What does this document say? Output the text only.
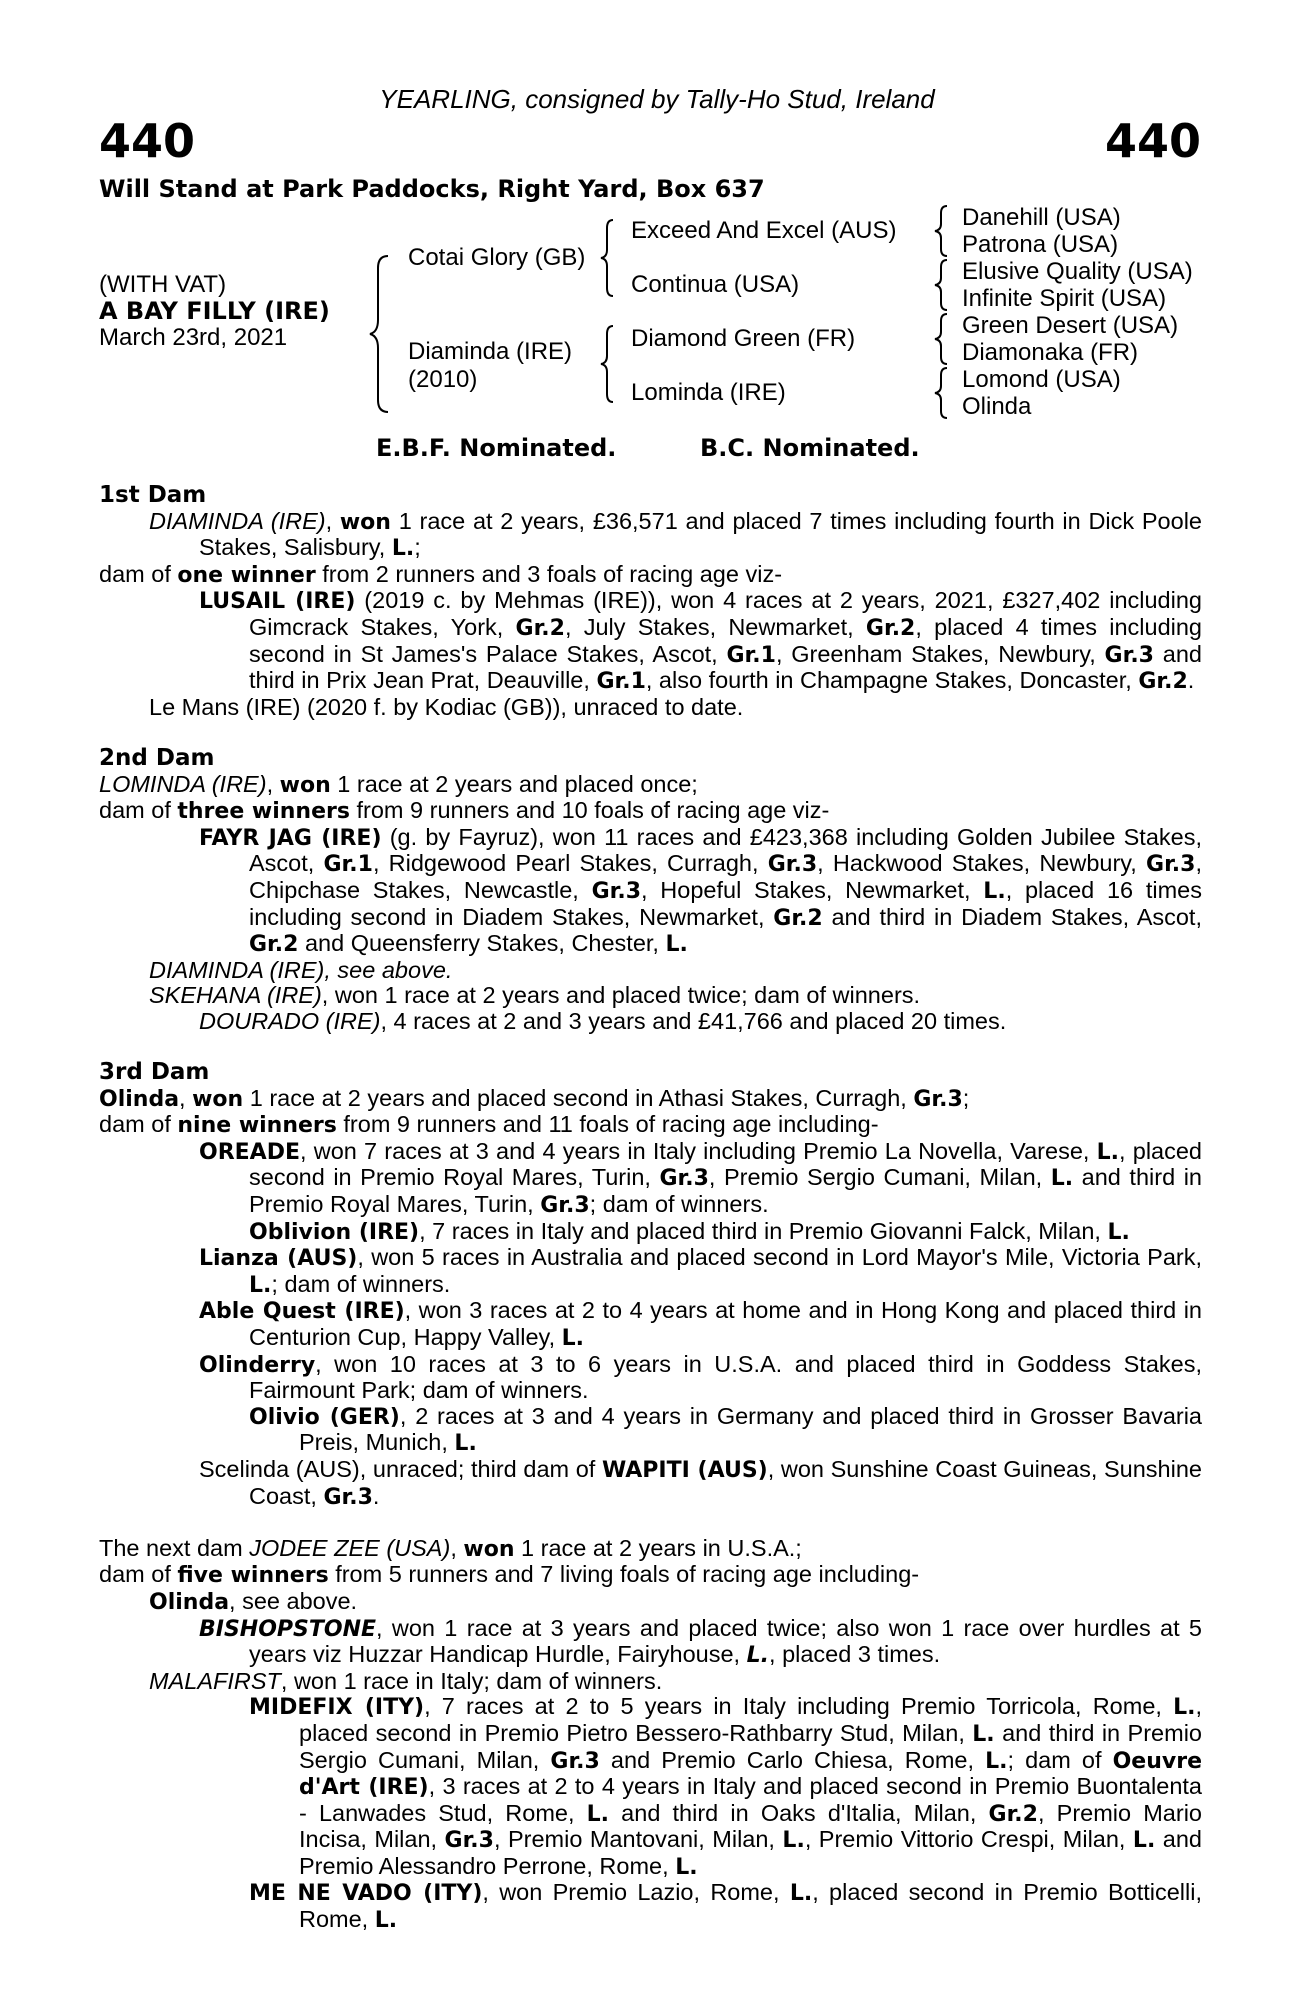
YEARLING, consigned by Tally-Ho Stud, Ireland
440	440
Will Stand at Park Paddocks, Right Yard, Box 637
(WITH VAT)
A BAY FILLY (IRE)
March 23rd, 2021
Cotai Glory (GB)
Diaminda (IRE)
(2010)
Exceed And Excel (AUS)
Continua (USA)
Diamond Green (FR)
Lominda (IRE)
Danehill (USA)
Patrona (USA)
Elusive Quality (USA)
Infinite Spirit (USA)
Green Desert (USA)
Diamonaka (FR)
Lomond (USA)
Olinda
E.B.F. Nominated.	B.C. Nominated.

1st Dam

DIAMINDA (IRE), won 1 race at 2 years, £36,571 and placed 7 times including fourth in Dick Poole Stakes, Salisbury, L.;

dam of one winner from 2 runners and 3 foals of racing age viz-

LUSAIL (IRE) (2019 c. by Mehmas (IRE)), won 4 races at 2 years, 2021, £327,402 including Gimcrack Stakes, York, Gr.2, July Stakes, Newmarket, Gr.2, placed 4 times including second in St James's Palace Stakes, Ascot, Gr.1, Greenham Stakes, Newbury, Gr.3 and third in Prix Jean Prat, Deauville, Gr.1, also fourth in Champagne Stakes, Doncaster, Gr.2.

Le Mans (IRE) (2020 f. by Kodiac (GB)), unraced to date.

2nd Dam

LOMINDA (IRE), won 1 race at 2 years and placed once;

dam of three winners from 9 runners and 10 foals of racing age viz-

FAYR JAG (IRE) (g. by Fayruz), won 11 races and £423,368 including Golden Jubilee Stakes, Ascot, Gr.1, Ridgewood Pearl Stakes, Curragh, Gr.3, Hackwood Stakes, Newbury, Gr.3, Chipchase Stakes, Newcastle, Gr.3, Hopeful Stakes, Newmarket, L., placed 16 times including second in Diadem Stakes, Newmarket, Gr.2 and third in Diadem Stakes, Ascot, Gr.2 and Queensferry Stakes, Chester, L.

DIAMINDA (IRE), see above.

SKEHANA (IRE), won 1 race at 2 years and placed twice; dam of winners.

DOURADO (IRE), 4 races at 2 and 3 years and £41,766 and placed 20 times.

3rd Dam

Olinda, won 1 race at 2 years and placed second in Athasi Stakes, Curragh, Gr.3;

dam of nine winners from 9 runners and 11 foals of racing age including-

OREADE, won 7 races at 3 and 4 years in Italy including Premio La Novella, Varese, L., placed second in Premio Royal Mares, Turin, Gr.3, Premio Sergio Cumani, Milan, L. and third in Premio Royal Mares, Turin, Gr.3; dam of winners.

Oblivion (IRE), 7 races in Italy and placed third in Premio Giovanni Falck, Milan, L.

Lianza (AUS), won 5 races in Australia and placed second in Lord Mayor's Mile, Victoria Park, L.; dam of winners.

Able Quest (IRE), won 3 races at 2 to 4 years at home and in Hong Kong and placed third in Centurion Cup, Happy Valley, L.

Olinderry, won 10 races at 3 to 6 years in U.S.A. and placed third in Goddess Stakes, Fairmount Park; dam of winners.

Olivio (GER), 2 races at 3 and 4 years in Germany and placed third in Grosser Bavaria Preis, Munich, L.

Scelinda (AUS), unraced; third dam of WAPITI (AUS), won Sunshine Coast Guineas, Sunshine Coast, Gr.3.

The next dam JODEE ZEE (USA), won 1 race at 2 years in U.S.A.;

dam of five winners from 5 runners and 7 living foals of racing age including-

Olinda, see above.

BISHOPSTONE, won 1 race at 3 years and placed twice; also won 1 race over hurdles at 5 years viz Huzzar Handicap Hurdle, Fairyhouse, L., placed 3 times.

MALAFIRST, won 1 race in Italy; dam of winners.

MIDEFIX (ITY), 7 races at 2 to 5 years in Italy including Premio Torricola, Rome, L., placed second in Premio Pietro Bessero-Rathbarry Stud, Milan, L. and third in Premio Sergio Cumani, Milan, Gr.3 and Premio Carlo Chiesa, Rome, L.; dam of Oeuvre d'Art (IRE), 3 races at 2 to 4 years in Italy and placed second in Premio Buontalenta - Lanwades Stud, Rome, L. and third in Oaks d'Italia, Milan, Gr.2, Premio Mario Incisa, Milan, Gr.3, Premio Mantovani, Milan, L., Premio Vittorio Crespi, Milan, L. and Premio Alessandro Perrone, Rome, L.

ME NE VADO (ITY), won Premio Lazio, Rome, L., placed second in Premio Botticelli, Rome, L.
